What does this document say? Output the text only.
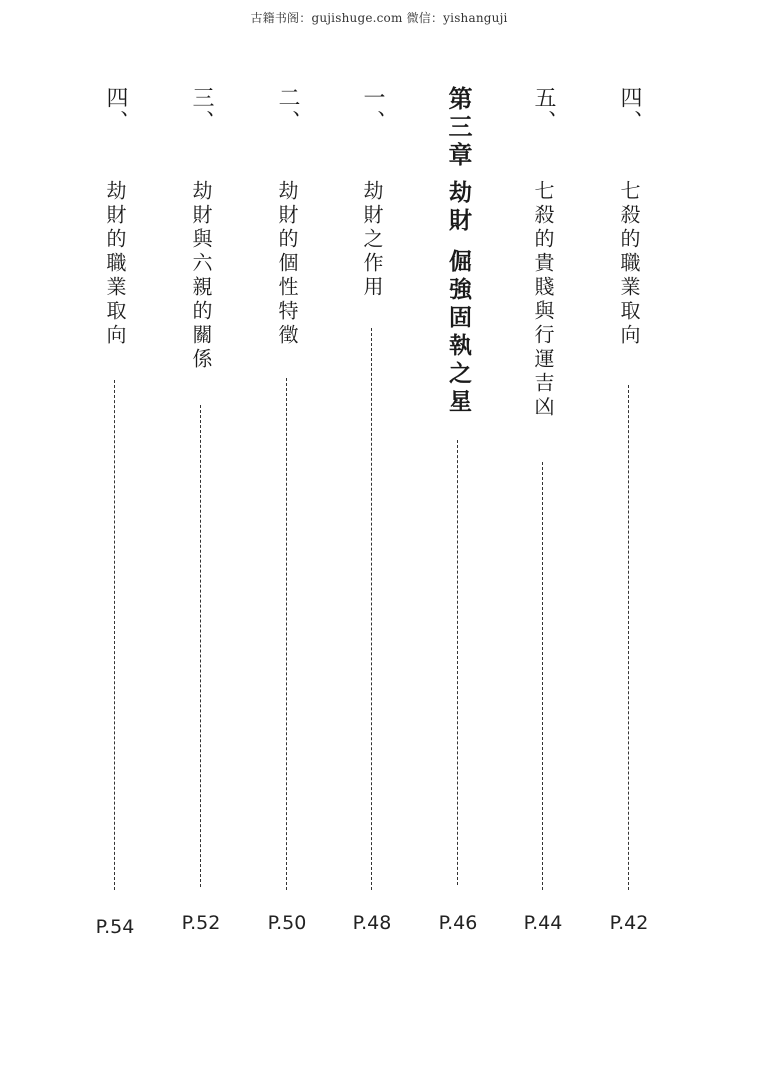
古籍书阁：gujishuge.com 微信：yishanguji
四、
七殺的職業取向
P.42
五、
七殺的貴賤與行運吉凶
P.44
第三章
劫財 倔強固執之星
P.46
一、
劫財之作用
P.48
二、
劫財的個性特徵
P.50
三、
劫財與六親的關係
P.52
四、
劫財的職業取向
P.54
